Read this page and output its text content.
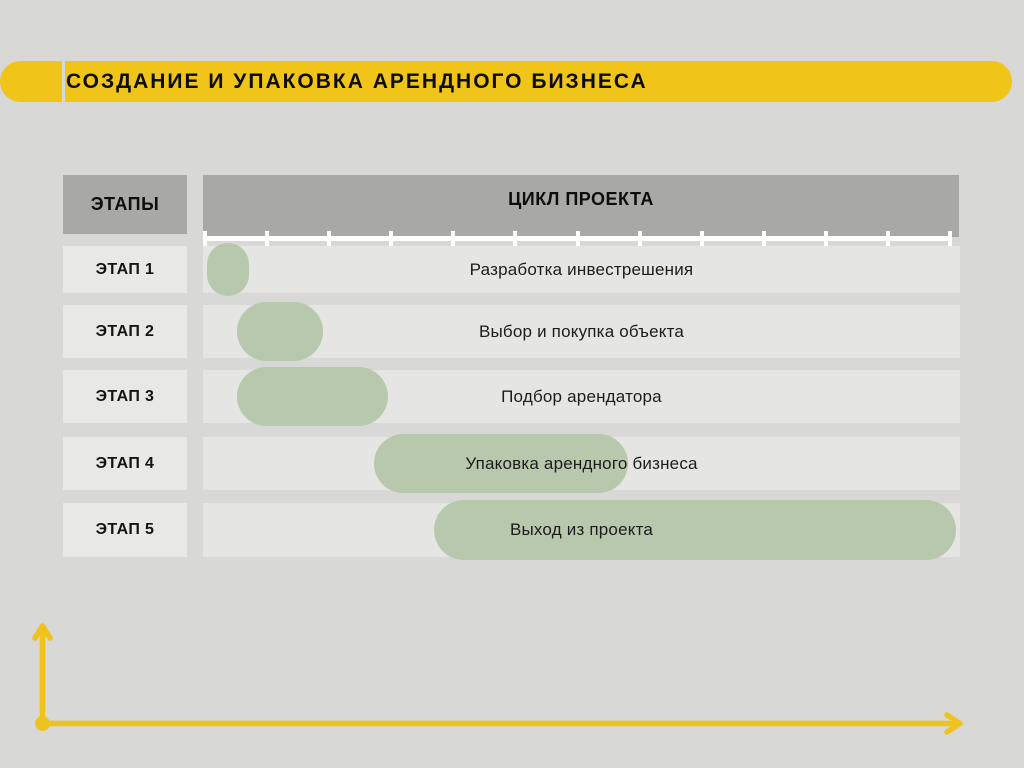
СОЗДАНИЕ И УПАКОВКА АРЕНДНОГО БИЗНЕСА
ЭТАПЫ	ЦИКЛ ПРОЕКТА
ЭТАП 1	Разработка инвестрешения
ЭТАП 2	Выбор и покупка объекта
ЭТАП 3	Подбор арендатора
ЭТАП 4	Упаковка арендного бизнеса
ЭТАП 5	Выход из проекта
